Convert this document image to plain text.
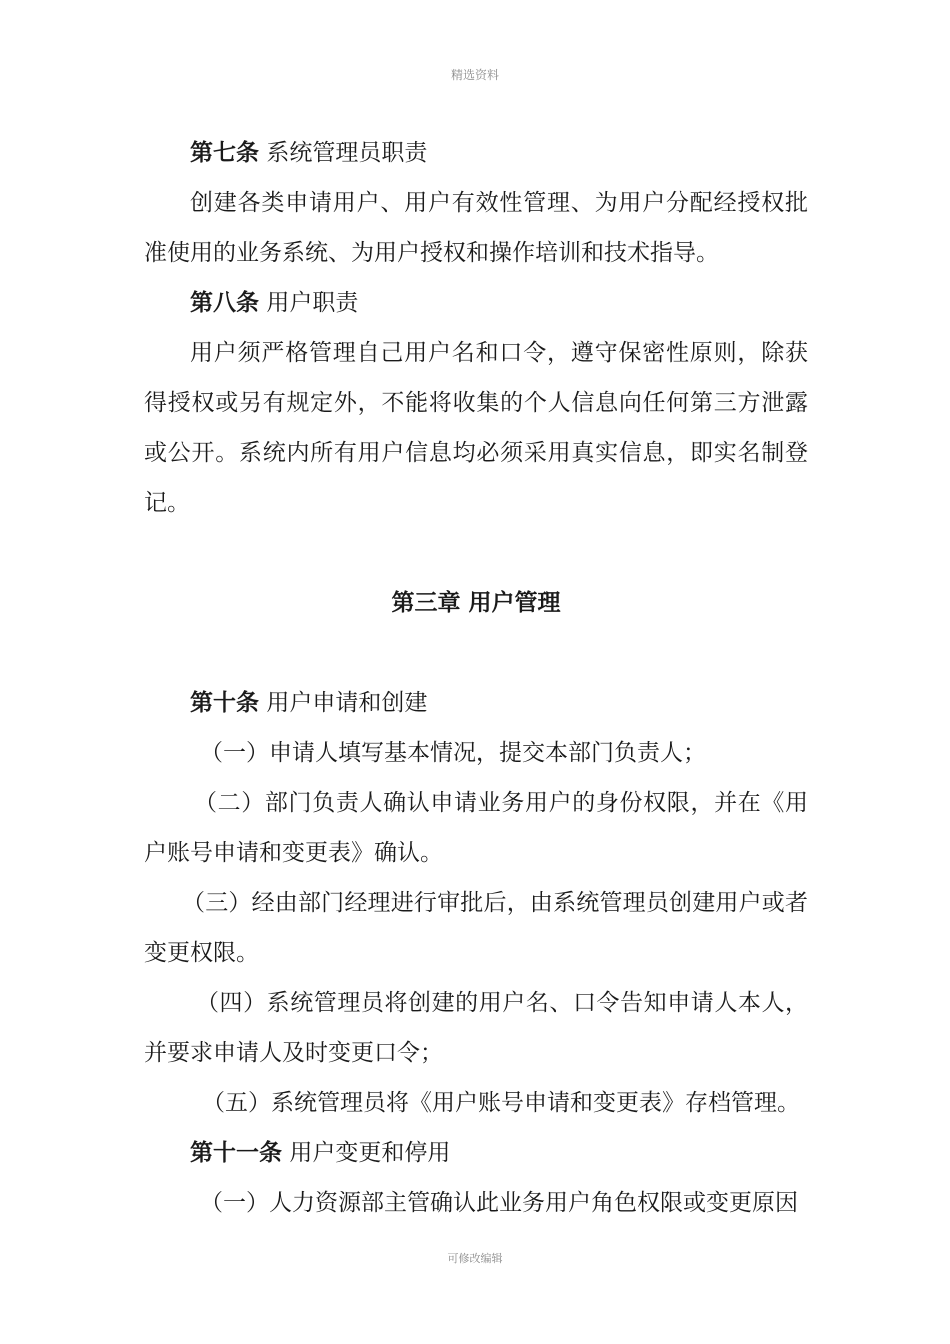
精选资料

第七条 系统管理员职责

创建各类申请用户、用户有效性管理、为用户分配经授权批准使用的业务系统、为用户授权和操作培训和技术指导。

第八条 用户职责

用户须严格管理自己用户名和口令，遵守保密性原则，除获得授权或另有规定外，不能将收集的个人信息向任何第三方泄露或公开。系统内所有用户信息均必须采用真实信息，即实名制登记。

第三章 用户管理

第十条 用户申请和创建

（一）申请人填写基本情况，提交本部门负责人；

（二）部门负责人确认申请业务用户的身份权限，并在《用户账号申请和变更表》确认。

（三）经由部门经理进行审批后，由系统管理员创建用户或者变更权限。

（四）系统管理员将创建的用户名、口令告知申请人本人，并要求申请人及时变更口令；

（五）系统管理员将《用户账号申请和变更表》存档管理。

第十一条 用户变更和停用

（一）人力资源部主管确认此业务用户角色权限或变更原因

可修改编辑
